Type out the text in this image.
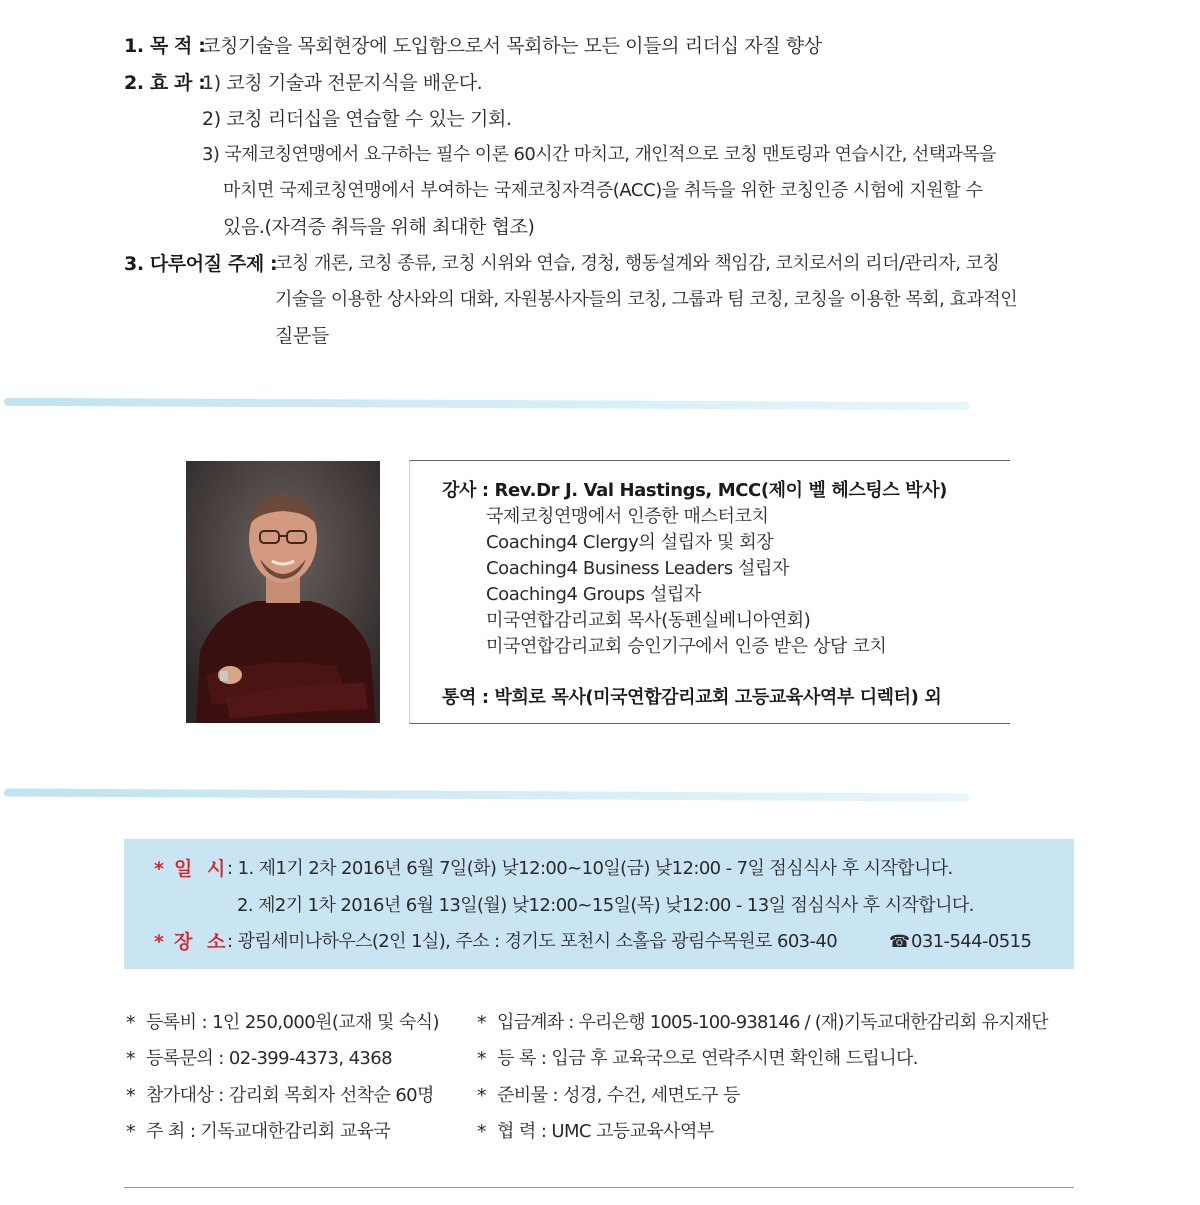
1. 목 적 :
코칭기술을 목회현장에 도입함으로서 목회하는 모든 이들의 리더십 자질 향상
2. 효 과 :
1) 코칭 기술과 전문지식을 배운다.
2) 코칭 리더십을 연습할 수 있는 기회.
3) 국제코칭연맹에서 요구하는 필수 이론 60시간 마치고, 개인적으로 코칭 맨토링과 연습시간, 선택과목을
마치면 국제코칭연맹에서 부여하는 국제코칭자격증(ACC)을 취득을 위한 코칭인증 시험에 지원할 수
있음.(자격증 취득을 위해 최대한 협조)
3. 다루어질 주제 :
코칭 개론, 코칭 종류, 코칭 시위와 연습, 경청, 행동설계와 책임감, 코치로서의 리더/관리자, 코칭
기술을 이용한 상사와의 대화, 자원봉사자들의 코칭, 그룹과 팀 코칭, 코칭을 이용한 목회, 효과적인
질문들
강사 : Rev.Dr J. Val Hastings, MCC(제이 벨 헤스팅스 박사)
국제코칭연맹에서 인증한 매스터코치
Coaching4 Clergy의 설립자 및 회장
Coaching4 Business Leaders 설립자
Coaching4 Groups 설립자
미국연합감리교회 목사(동펜실베니아연회)
미국연합감리교회 승인기구에서 인증 받은 상담 코치
통역 : 박희로 목사(미국연합감리교회 고등교육사역부 디렉터) 외
* 일 시
: 1. 제1기 2차 2016년 6월 7일(화) 낮12:00~10일(금) 낮12:00 - 7일 점심식사 후 시작합니다.
2. 제2기 1차 2016년 6월 13일(월) 낮12:00~15일(목) 낮12:00 - 13일 점심식사 후 시작합니다.
* 장 소
: 광림세미나하우스(2인 1실), 주소 : 경기도 포천시 소홀읍 광림수목원로 603-40	☎ 031-544-0515
* 등록비 : 1인 250,000원(교재 및 숙식)
* 등록문의 : 02-399-4373, 4368
* 참가대상 : 감리회 목회자 선착순 60명
* 주 최 : 기독교대한감리회 교육국
* 입금계좌 : 우리은행 1005-100-938146 / (재)기독교대한감리회 유지재단
* 등 록 : 입금 후 교육국으로 연락주시면 확인해 드립니다.
* 준비물 : 성경, 수건, 세면도구 등
* 협 력 : UMC 고등교육사역부
